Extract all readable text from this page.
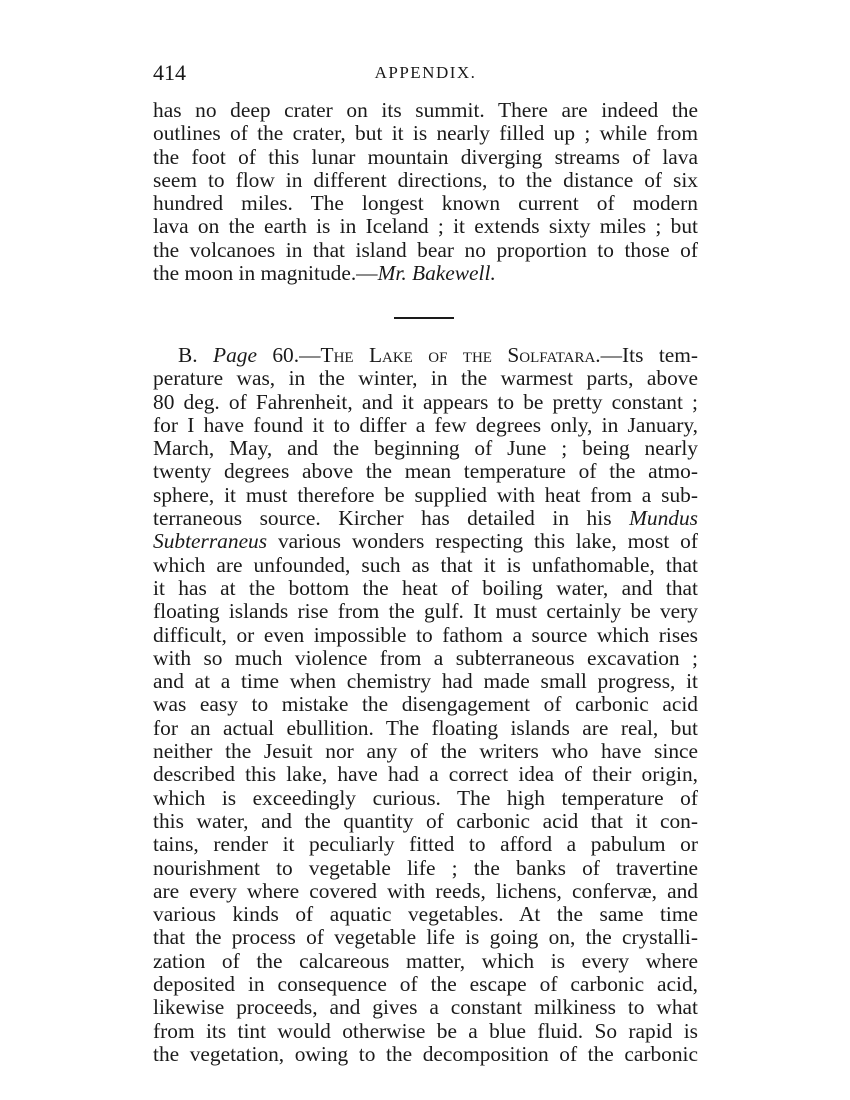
414	APPENDIX.
has no deep crater on its summit. There are indeed the
outlines of the crater, but it is nearly filled up ; while from
the foot of this lunar mountain diverging streams of lava
seem to flow in different directions, to the distance of six
hundred miles. The longest known current of modern
lava on the earth is in Iceland ; it extends sixty miles ; but
the volcanoes in that island bear no proportion to those of
the moon in magnitude.—Mr. Bakewell.
B. Page 60.—The Lake of the Solfatara.—Its tem-
perature was, in the winter, in the warmest parts, above
80 deg. of Fahrenheit, and it appears to be pretty constant ;
for I have found it to differ a few degrees only, in January,
March, May, and the beginning of June ; being nearly
twenty degrees above the mean temperature of the atmo-
sphere, it must therefore be supplied with heat from a sub-
terraneous source. Kircher has detailed in his Mundus
Subterraneus various wonders respecting this lake, most of
which are unfounded, such as that it is unfathomable, that
it has at the bottom the heat of boiling water, and that
floating islands rise from the gulf. It must certainly be very
difficult, or even impossible to fathom a source which rises
with so much violence from a subterraneous excavation ;
and at a time when chemistry had made small progress, it
was easy to mistake the disengagement of carbonic acid
for an actual ebullition. The floating islands are real, but
neither the Jesuit nor any of the writers who have since
described this lake, have had a correct idea of their origin,
which is exceedingly curious. The high temperature of
this water, and the quantity of carbonic acid that it con-
tains, render it peculiarly fitted to afford a pabulum or
nourishment to vegetable life ; the banks of travertine
are every where covered with reeds, lichens, confervæ, and
various kinds of aquatic vegetables. At the same time
that the process of vegetable life is going on, the crystalli-
zation of the calcareous matter, which is every where
deposited in consequence of the escape of carbonic acid,
likewise proceeds, and gives a constant milkiness to what
from its tint would otherwise be a blue fluid. So rapid is
the vegetation, owing to the decomposition of the carbonic
